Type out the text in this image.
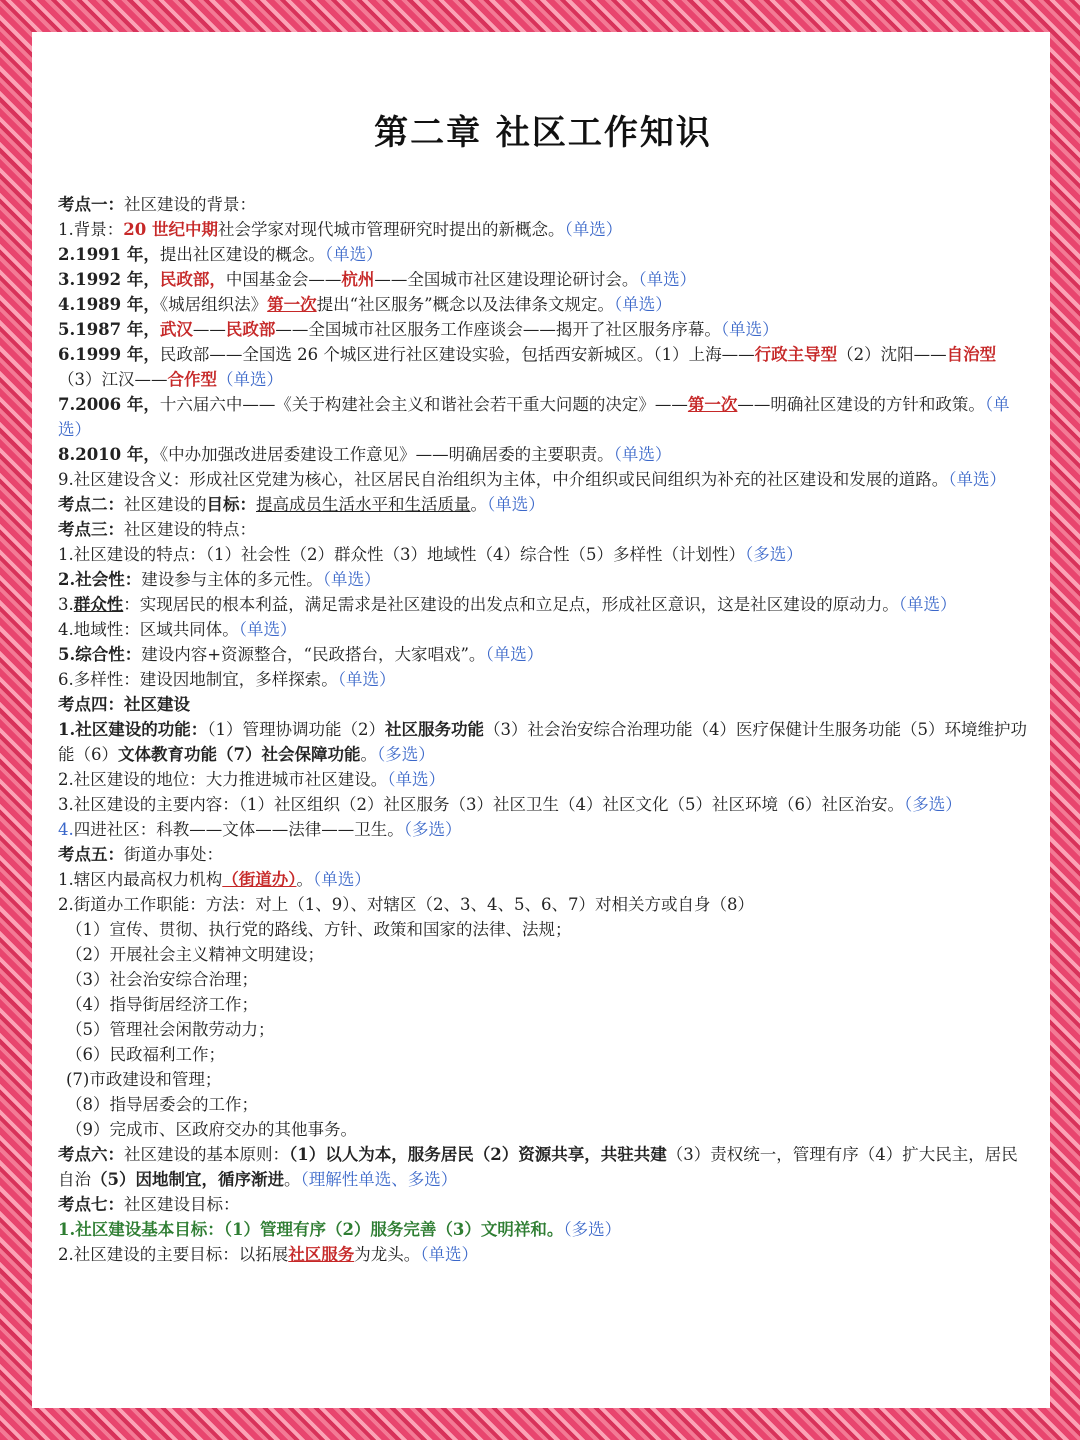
第二章 社区工作知识

考点一：社区建设的背景：

1.背景：20 世纪中期社会学家对现代城市管理研究时提出的新概念。（单选）

2.1991 年，提出社区建设的概念。（单选）

3.1992 年，民政部，中国基金会——杭州——全国城市社区建设理论研讨会。（单选）

4.1989 年，《城居组织法》第一次提出“社区服务”概念以及法律条文规定。（单选）

5.1987 年，武汉——民政部——全国城市社区服务工作座谈会——揭开了社区服务序幕。（单选）

6.1999 年，民政部——全国选 26 个城区进行社区建设实验，包括西安新城区。（1）上海——行政主导型（2）沈阳——自治型（3）江汉——合作型（单选）

7.2006 年，十六届六中——《关于构建社会主义和谐社会若干重大问题的决定》——第一次——明确社区建设的方针和政策。（单选）

8.2010 年，《中办加强改进居委建设工作意见》——明确居委的主要职责。（单选）

9.社区建设含义：形成社区党建为核心，社区居民自治组织为主体，中介组织或民间组织为补充的社区建设和发展的道路。（单选）

考点二：社区建设的目标：提高成员生活水平和生活质量。（单选）

考点三：社区建设的特点：

1.社区建设的特点：（1）社会性（2）群众性（3）地域性（4）综合性（5）多样性（计划性）（多选）

2.社会性：建设参与主体的多元性。（单选）

3.群众性：实现居民的根本利益，满足需求是社区建设的出发点和立足点，形成社区意识，这是社区建设的原动力。（单选）

4.地域性：区域共同体。（单选）

5.综合性：建设内容+资源整合，“民政搭台，大家唱戏”。（单选）

6.多样性：建设因地制宜，多样探索。（单选）

考点四：社区建设

1.社区建设的功能：（1）管理协调功能（2）社区服务功能（3）社会治安综合治理功能（4）医疗保健计生服务功能（5）环境维护功能（6）文体教育功能（7）社会保障功能。（多选）

2.社区建设的地位：大力推进城市社区建设。（单选）

3.社区建设的主要内容：（1）社区组织（2）社区服务（3）社区卫生（4）社区文化（5）社区环境（6）社区治安。（多选）

4.四进社区：科教——文体——法律——卫生。（多选）

考点五：街道办事处：

1.辖区内最高权力机构（街道办）。（单选）

2.街道办工作职能：方法：对上（1、9）、对辖区（2、3、4、5、6、7）对相关方或自身（8）

（1）宣传、贯彻、执行党的路线、方针、政策和国家的法律、法规；

（2）开展社会主义精神文明建设；

（3）社会治安综合治理；

（4）指导街居经济工作；

（5）管理社会闲散劳动力；

（6）民政福利工作；

(7)市政建设和管理；

（8）指导居委会的工作；

（9）完成市、区政府交办的其他事务。

考点六：社区建设的基本原则：（1）以人为本，服务居民（2）资源共享，共驻共建（3）责权统一，管理有序（4）扩大民主，居民自治（5）因地制宜，循序渐进。（理解性单选、多选）

考点七：社区建设目标：

1.社区建设基本目标：（1）管理有序（2）服务完善（3）文明祥和。（多选）

2.社区建设的主要目标：以拓展社区服务为龙头。（单选）
